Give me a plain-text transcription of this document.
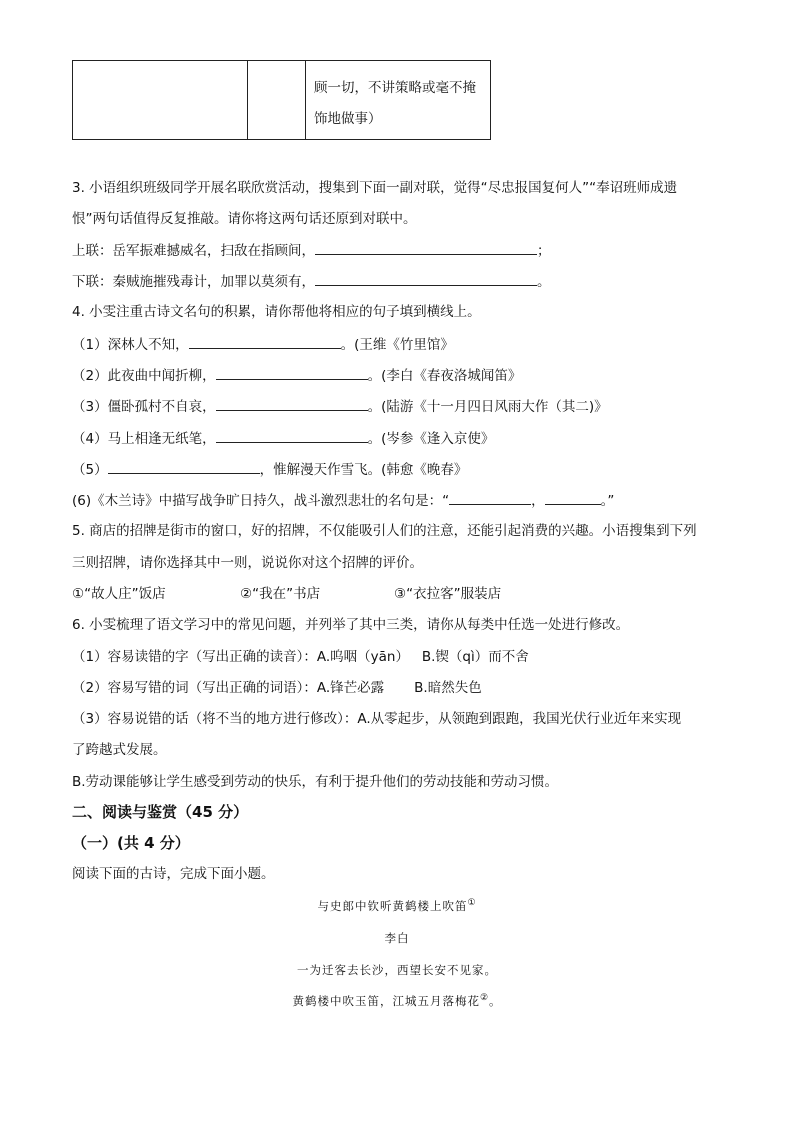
		顾一切，不讲策略或毫不掩饰地做事）
3. 小语组织班级同学开展名联欣赏活动，搜集到下面一副对联，觉得“尽忠报国复何人”“奉诏班师成遗
恨”两句话值得反复推敲。请你将这两句话还原到对联中。
上联：岳军振难撼威名，扫敌在指顾间，	；
下联：秦贼施摧残毒计，加罪以莫须有，	。
4. 小雯注重古诗文名句的积累，请你帮他将相应的句子填到横线上。
（1）深林人不知，	。(王维《竹里馆》
（2）此夜曲中闻折柳，	。(李白《春夜洛城闻笛》
（3）僵卧孤村不自哀，	。(陆游《十一月四日风雨大作（其二)》
（4）马上相逢无纸笔，	。(岑参《逢入京使》
（5）	，惟解漫天作雪飞。(韩愈《晚春》
(6)《木兰诗》中描写战争旷日持久，战斗激烈悲壮的名句是：“	，	。”
5. 商店的招牌是街市的窗口，好的招牌，不仅能吸引人们的注意，还能引起消费的兴趣。小语搜集到下列
三则招牌，请你选择其中一则，说说你对这个招牌的评价。
①“故人庄”饭店	②“我在”书店	③“衣拉客”服装店
6. 小雯梳理了语文学习中的常见问题，并列举了其中三类，请你从每类中任选一处进行修改。
（1）容易读错的字（写出正确的读音）：A.呜咽（yān）   B.锲（qì）而不舍
（2）容易写错的词（写出正确的词语）：A.锋芒必露       B.暗然失色
（3）容易说错的话（将不当的地方进行修改）：A.从零起步，从领跑到跟跑，我国光伏行业近年来实现
了跨越式发展。
B.劳动课能够让学生感受到劳动的快乐，有利于提升他们的劳动技能和劳动习惯。
二、阅读与鉴赏（45 分）
（一）(共 4 分）
阅读下面的古诗，完成下面小题。
与史郎中钦听黄鹤楼上吹笛①
李白
一为迁客去长沙，西望长安不见家。
黄鹤楼中吹玉笛，江城五月落梅花②。
